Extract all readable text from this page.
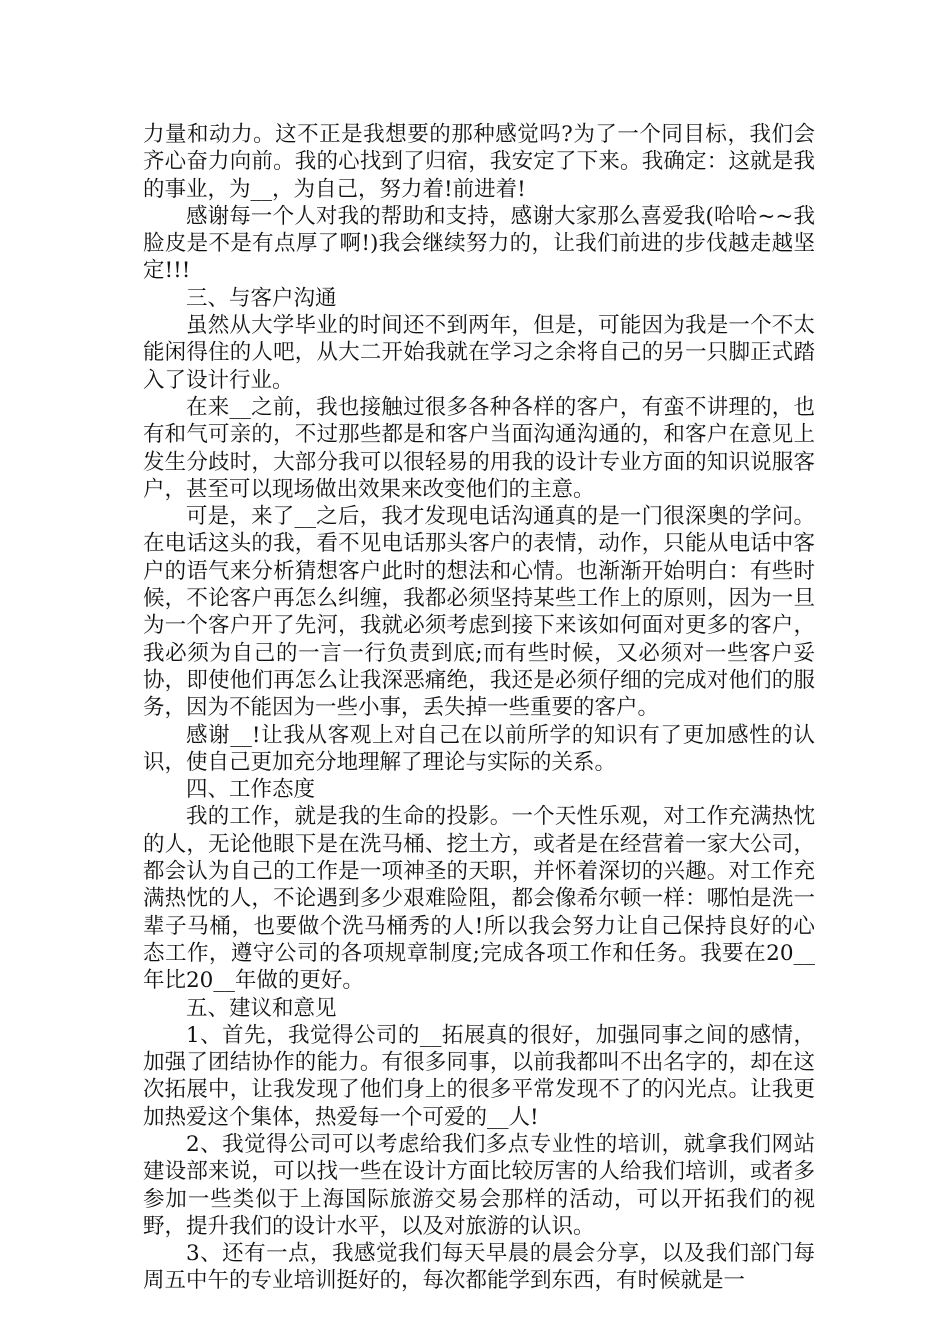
力量和动力。这不正是我想要的那种感觉吗?为了一个同目标，我们会齐心奋力向前。我的心找到了归宿，我安定了下来。我确定：这就是我的事业，为__，为自己，努力着!前进着!

感谢每一个人对我的帮助和支持，感谢大家那么喜爱我(哈哈~~我脸皮是不是有点厚了啊!)我会继续努力的，让我们前进的步伐越走越坚定!!!

三、与客户沟通

虽然从大学毕业的时间还不到两年，但是，可能因为我是一个不太能闲得住的人吧，从大二开始我就在学习之余将自己的另一只脚正式踏入了设计行业。

在来__之前，我也接触过很多各种各样的客户，有蛮不讲理的，也有和气可亲的，不过那些都是和客户当面沟通沟通的，和客户在意见上发生分歧时，大部分我可以很轻易的用我的设计专业方面的知识说服客户，甚至可以现场做出效果来改变他们的主意。

可是，来了__之后，我才发现电话沟通真的是一门很深奥的学问。在电话这头的我，看不见电话那头客户的表情，动作，只能从电话中客户的语气来分析猜想客户此时的想法和心情。也渐渐开始明白：有些时候，不论客户再怎么纠缠，我都必须坚持某些工作上的原则，因为一旦为一个客户开了先河，我就必须考虑到接下来该如何面对更多的客户，我必须为自己的一言一行负责到底;而有些时候，又必须对一些客户妥协，即使他们再怎么让我深恶痛绝，我还是必须仔细的完成对他们的服务，因为不能因为一些小事，丢失掉一些重要的客户。

感谢__!让我从客观上对自己在以前所学的知识有了更加感性的认识，使自己更加充分地理解了理论与实际的关系。

四、工作态度

我的工作，就是我的生命的投影。一个天性乐观，对工作充满热忱的人，无论他眼下是在洗马桶、挖土方，或者是在经营着一家大公司，都会认为自己的工作是一项神圣的天职，并怀着深切的兴趣。对工作充满热忱的人，不论遇到多少艰难险阻，都会像希尔顿一样：哪怕是洗一辈子马桶，也要做个洗马桶秀的人!所以我会努力让自己保持良好的心态工作，遵守公司的各项规章制度;完成各项工作和任务。我要在20__年比20__年做的更好。

五、建议和意见

1、首先，我觉得公司的__拓展真的很好，加强同事之间的感情，加强了团结协作的能力。有很多同事，以前我都叫不出名字的，却在这次拓展中，让我发现了他们身上的很多平常发现不了的闪光点。让我更加热爱这个集体，热爱每一个可爱的__人!

2、我觉得公司可以考虑给我们多点专业性的培训，就拿我们网站建设部来说，可以找一些在设计方面比较厉害的人给我们培训，或者多参加一些类似于上海国际旅游交易会那样的活动，可以开拓我们的视野，提升我们的设计水平，以及对旅游的认识。

3、还有一点，我感觉我们每天早晨的晨会分享，以及我们部门每周五中午的专业培训挺好的，每次都能学到东西，有时候就是一
